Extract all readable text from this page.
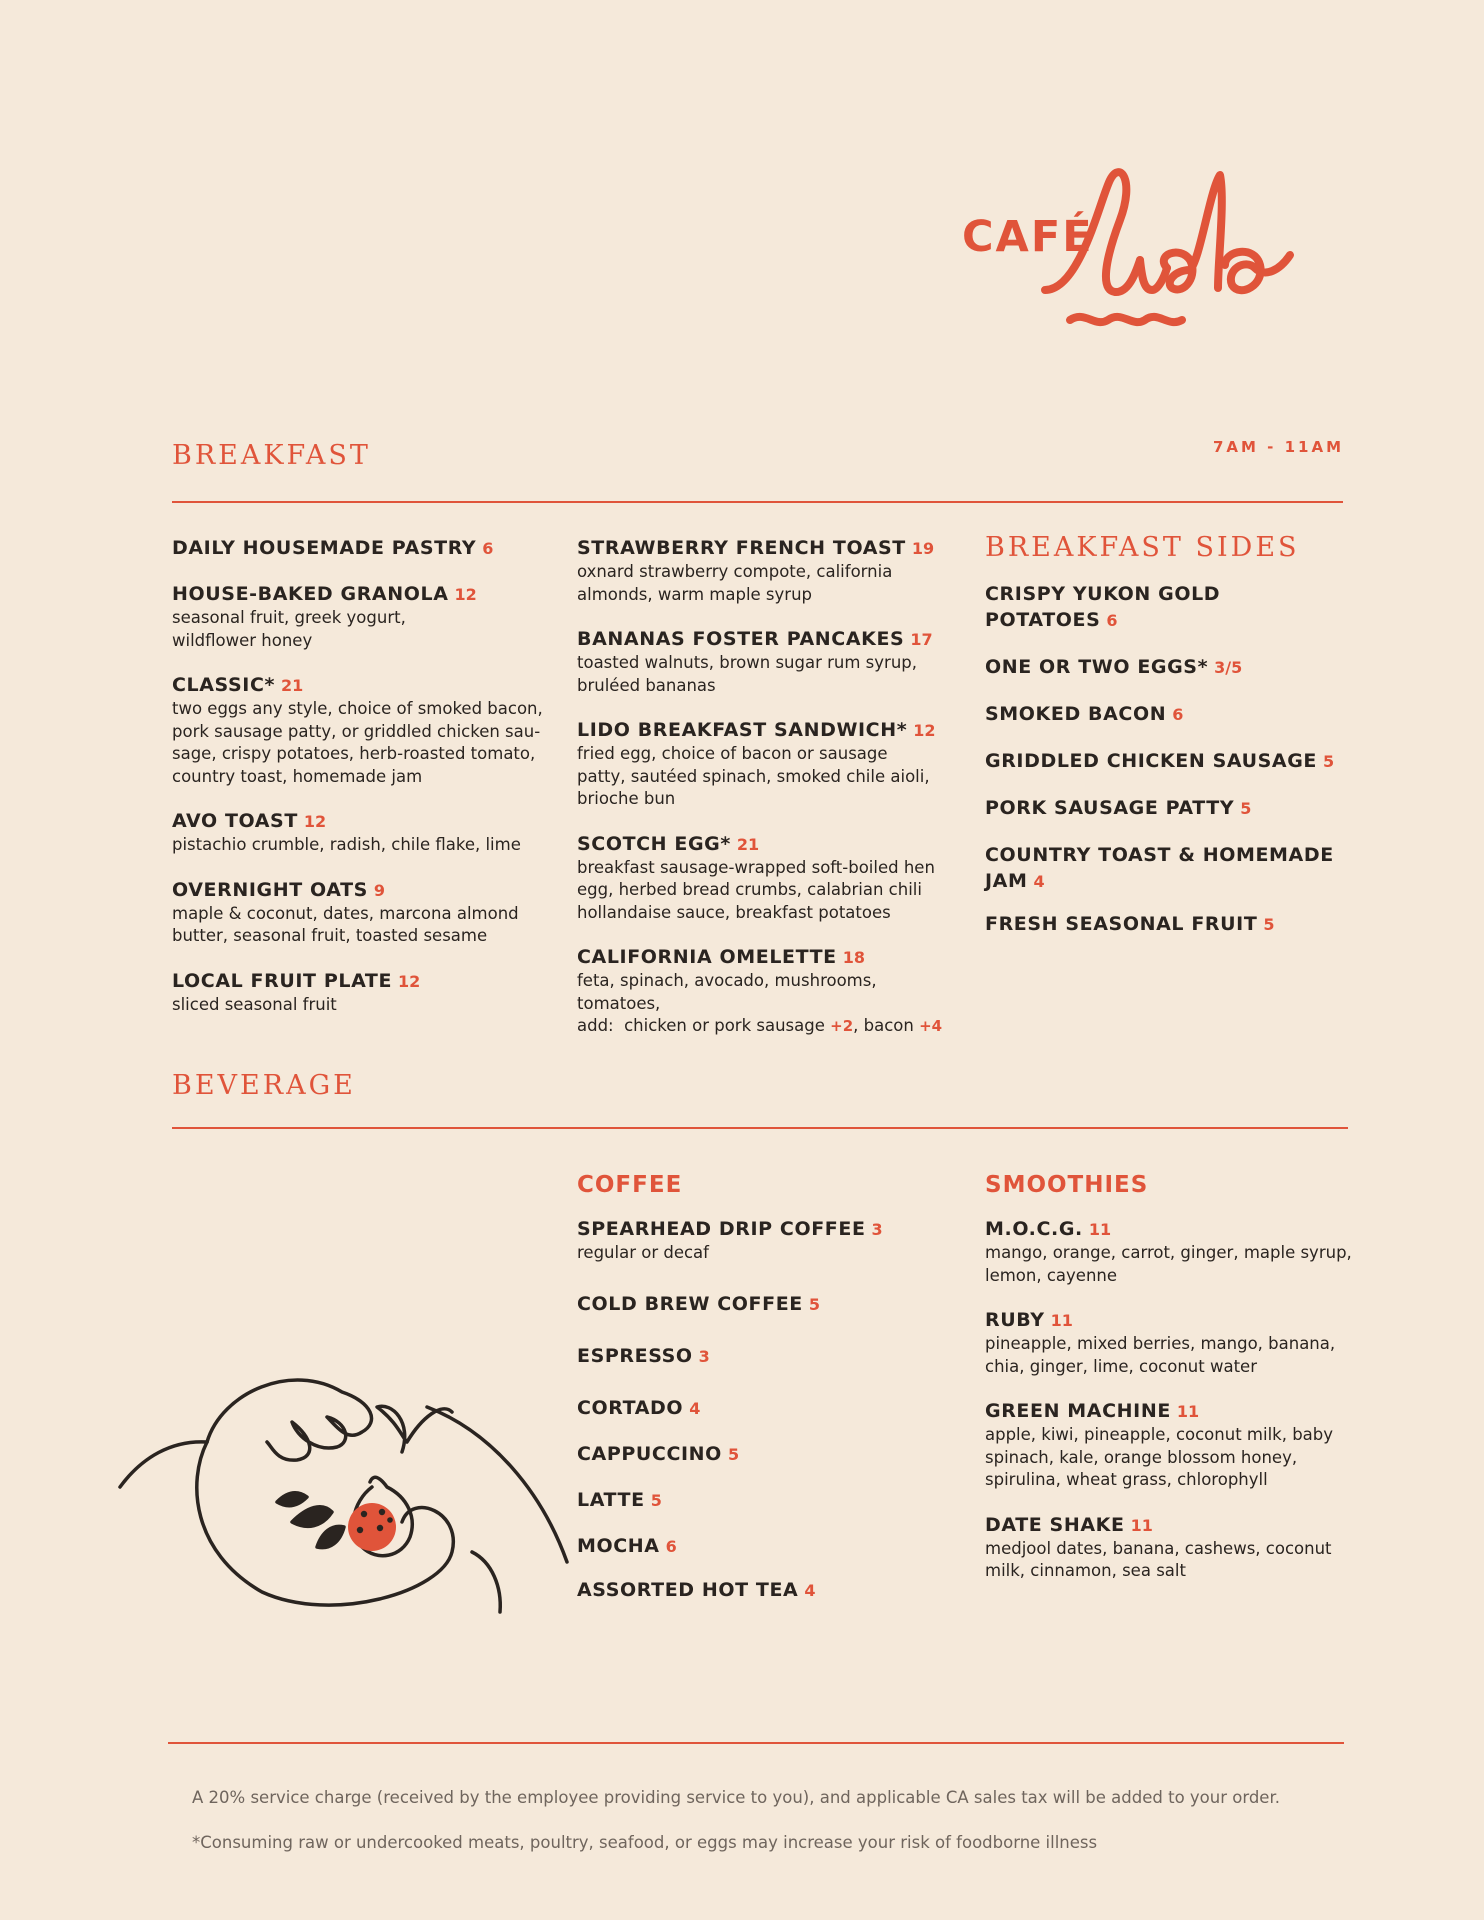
CAFÉ
BREAKFAST	7AM - 11AM
DAILY HOUSEMADE PASTRY 6
HOUSE-BAKED GRANOLA 12
seasonal fruit, greek yogurt,
wildflower honey
CLASSIC* 21
two eggs any style, choice of smoked bacon,
pork sausage patty, or griddled chicken sau-
sage, crispy potatoes, herb-roasted tomato,
country toast, homemade jam
AVO TOAST 12
pistachio crumble, radish, chile flake, lime
OVERNIGHT OATS 9
maple & coconut, dates, marcona almond
butter, seasonal fruit, toasted sesame
LOCAL FRUIT PLATE 12
sliced seasonal fruit
STRAWBERRY FRENCH TOAST 19
oxnard strawberry compote, california
almonds, warm maple syrup
BANANAS FOSTER PANCAKES 17
toasted walnuts, brown sugar rum syrup,
bruléed bananas
LIDO BREAKFAST SANDWICH* 12
fried egg, choice of bacon or sausage
patty, sautéed spinach, smoked chile aioli,
brioche bun
SCOTCH EGG* 21
breakfast sausage-wrapped soft-boiled hen
egg, herbed bread crumbs, calabrian chili
hollandaise sauce, breakfast potatoes
CALIFORNIA OMELETTE 18
feta, spinach, avocado, mushrooms, tomatoes,
add:  chicken or pork sausage +2, bacon +4
BREAKFAST SIDES
CRISPY YUKON GOLD POTATOES 6
ONE OR TWO EGGS* 3/5
SMOKED BACON 6
GRIDDLED CHICKEN SAUSAGE 5
PORK SAUSAGE PATTY 5
COUNTRY TOAST & HOMEMADE JAM 4
FRESH SEASONAL FRUIT 5
BEVERAGE
COFFEE
SPEARHEAD DRIP COFFEE 3
regular or decaf
COLD BREW COFFEE 5
ESPRESSO 3
CORTADO 4
CAPPUCCINO 5
LATTE 5
MOCHA 6
ASSORTED HOT TEA 4
SMOOTHIES
M.O.C.G. 11
mango, orange, carrot, ginger, maple syrup,
lemon, cayenne
RUBY 11
pineapple, mixed berries, mango, banana,
chia, ginger, lime, coconut water
GREEN MACHINE 11
apple, kiwi, pineapple, coconut milk, baby
spinach, kale, orange blossom honey,
spirulina, wheat grass, chlorophyll
DATE SHAKE 11
medjool dates, banana, cashews, coconut
milk, cinnamon, sea salt
A 20% service charge (received by the employee providing service to you), and applicable CA sales tax will be added to your order.
*Consuming raw or undercooked meats, poultry, seafood, or eggs may increase your risk of foodborne illness
